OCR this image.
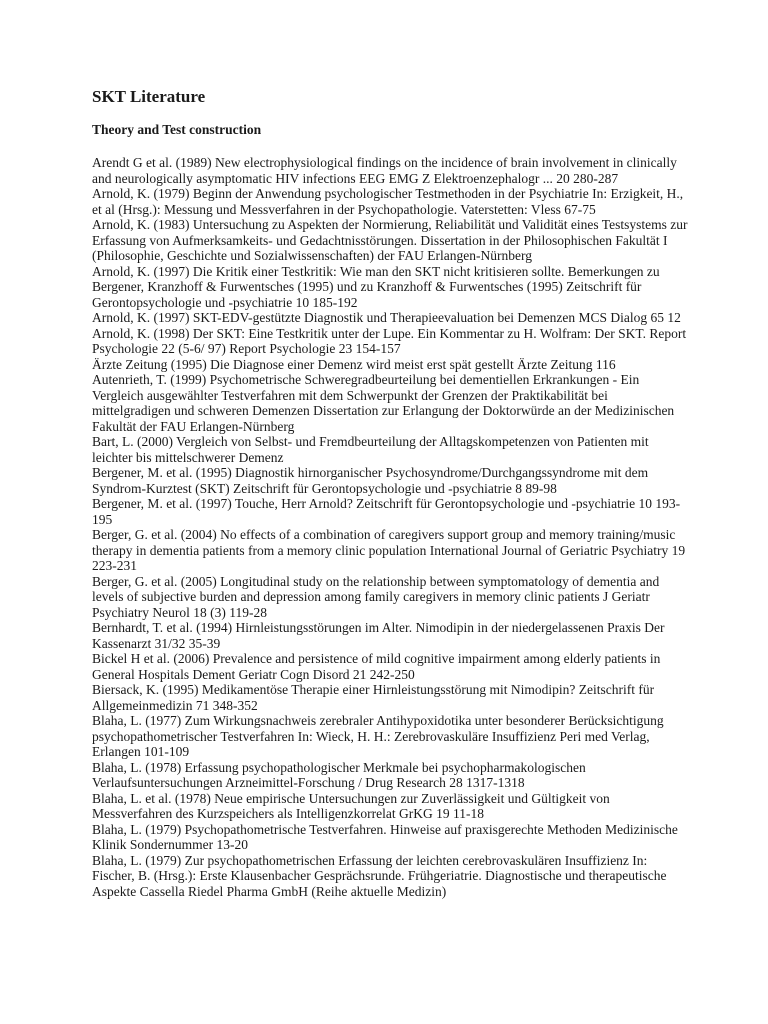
SKT Literature
Theory and Test construction

Arendt G et al. (1989) New electrophysiological findings on the incidence of brain involvement in clinically and neurologically asymptomatic HIV infections EEG EMG Z Elektroenzephalogr ... 20 280-287

Arnold, K. (1979) Beginn der Anwendung psychologischer Testmethoden in der Psychiatrie In: Erzigkeit, H., et al (Hrsg.): Messung und Messverfahren in der Psychopathologie. Vaterstetten: Vless 67-75

Arnold, K. (1983) Untersuchung zu Aspekten der Normierung, Reliabilität und Validität eines Testsystems zur Erfassung von Aufmerksamkeits- und Gedachtnisstörungen. Dissertation in der Philosophischen Fakultät I (Philosophie, Geschichte und Sozialwissenschaften) der FAU Erlangen-Nürnberg

Arnold, K. (1997) Die Kritik einer Testkritik: Wie man den SKT nicht kritisieren sollte. Bemerkungen zu Bergener, Kranzhoff & Furwentsches (1995) und zu Kranzhoff & Furwentsches (1995) Zeitschrift für Gerontopsychologie und -psychiatrie 10 185-192

Arnold, K. (1997) SKT-EDV-gestützte Diagnostik und Therapieevaluation bei Demenzen MCS Dialog 65 12

Arnold, K. (1998) Der SKT: Eine Testkritik unter der Lupe. Ein Kommentar zu H. Wolfram: Der SKT. Report Psychologie 22 (5-6/ 97) Report Psychologie 23 154-157

Ärzte Zeitung (1995) Die Diagnose einer Demenz wird meist erst spät gestellt Ärzte Zeitung 116

Autenrieth, T. (1999) Psychometrische Schweregradbeurteilung bei dementiellen Erkrankungen - Ein Vergleich ausgewählter Testverfahren mit dem Schwerpunkt der Grenzen der Praktikabilität bei mittelgradigen und schweren Demenzen Dissertation zur Erlangung der Doktorwürde an der Medizinischen Fakultät der FAU Erlangen-Nürnberg

Bart, L. (2000) Vergleich von Selbst- und Fremdbeurteilung der Alltagskompetenzen von Patienten mit leichter bis mittelschwerer Demenz

Bergener, M. et al. (1995) Diagnostik hirnorganischer Psychosyndrome/Durchgangssyndrome mit dem Syndrom-Kurztest (SKT) Zeitschrift für Gerontopsychologie und -psychiatrie 8 89-98

Bergener, M. et al. (1997) Touche, Herr Arnold? Zeitschrift für Gerontopsychologie und -psychiatrie 10 193-195

Berger, G. et al. (2004) No effects of a combination of caregivers support group and memory training/music therapy in dementia patients from a memory clinic population International Journal of Geriatric Psychiatry 19 223-231

Berger, G. et al. (2005) Longitudinal study on the relationship between symptomatology of dementia and levels of subjective burden and depression among family caregivers in memory clinic patients J Geriatr Psychiatry Neurol 18 (3) 119-28

Bernhardt, T. et al. (1994) Hirnleistungsstörungen im Alter. Nimodipin in der niedergelassenen Praxis Der Kassenarzt 31/32 35-39

Bickel H et al. (2006) Prevalence and persistence of mild cognitive impairment among elderly patients in General Hospitals Dement Geriatr Cogn Disord 21 242-250

Biersack, K. (1995) Medikamentöse Therapie einer Hirnleistungsstörung mit Nimodipin? Zeitschrift für Allgemeinmedizin 71 348-352

Blaha, L. (1977) Zum Wirkungsnachweis zerebraler Antihypoxidotika unter besonderer Berücksichtigung psychopathometrischer Testverfahren In: Wieck, H. H.: Zerebrovaskuläre Insuffizienz Peri med Verlag, Erlangen 101-109

Blaha, L. (1978) Erfassung psychopathologischer Merkmale bei psychopharmakologischen Verlaufsuntersuchungen Arzneimittel-Forschung / Drug Research 28 1317-1318

Blaha, L. et al. (1978) Neue empirische Untersuchungen zur Zuverlässigkeit und Gültigkeit von Messverfahren des Kurzspeichers als Intelligenzkorrelat GrKG 19 11-18

Blaha, L. (1979) Psychopathometrische Testverfahren. Hinweise auf praxisgerechte Methoden Medizinische Klinik Sondernummer 13-20

Blaha, L. (1979) Zur psychopathometrischen Erfassung der leichten cerebrovaskulären Insuffizienz In: Fischer, B. (Hrsg.): Erste Klausenbacher Gesprächsrunde. Frühgeriatrie. Diagnostische und therapeutische Aspekte Cassella Riedel Pharma GmbH (Reihe aktuelle Medizin)
